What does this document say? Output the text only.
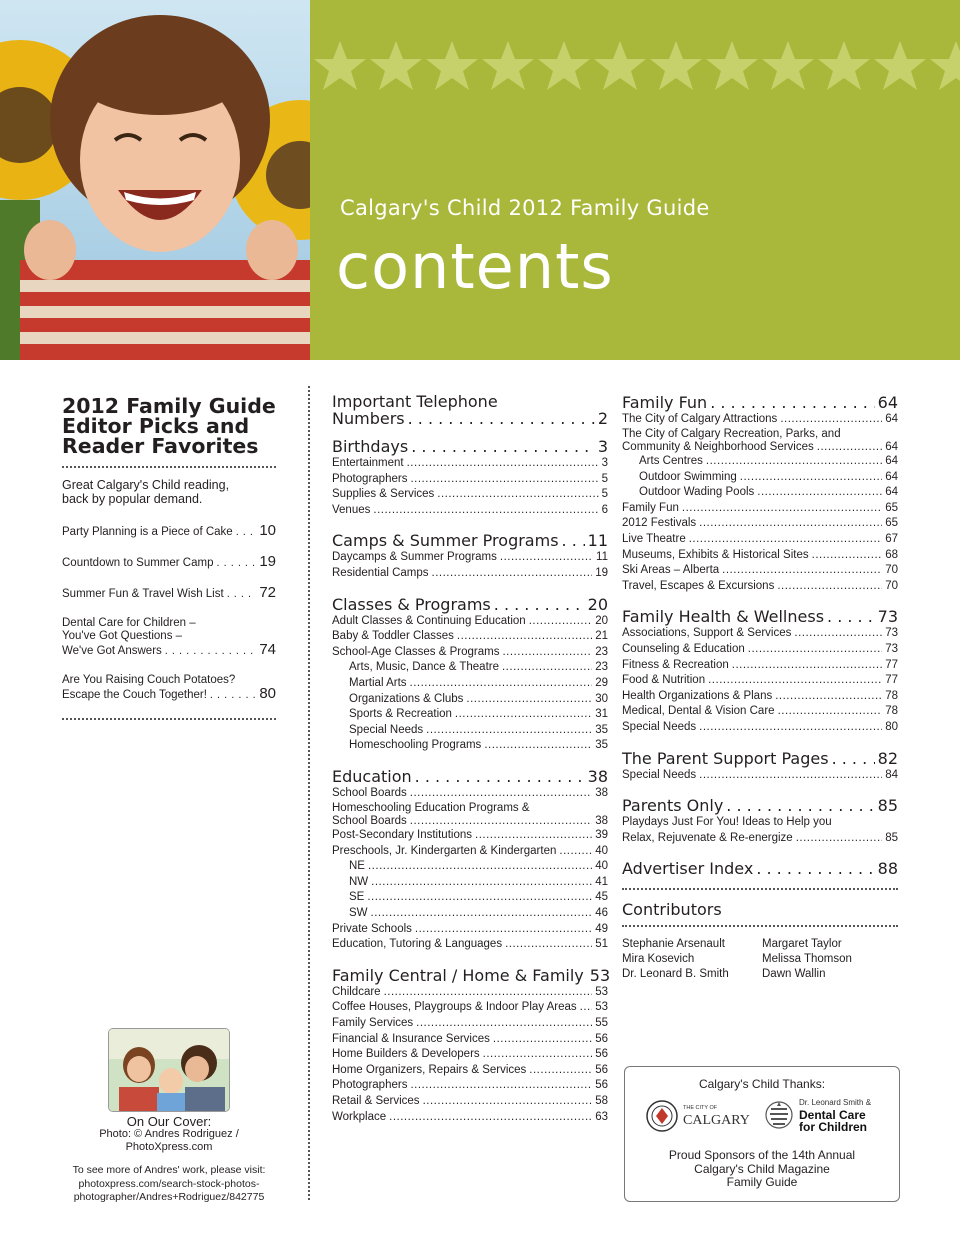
Calgary's Child 2012 Family Guide
contents
2012 Family Guide
Editor Picks and
Reader Favorites
Great Calgary's Child reading,
back by popular demand.
Party Planning is a Piece of Cake . . . 10
Countdown to Summer Camp . . .	19
Summer Fun & Travel Wish List . . . 72
Dental Care for Children –
You've Got Questions –
We've Got Answers . . .	74
Are You Raising Couch Potatoes?
Escape the Couch Together! . . .	80
On Our Cover:
Photo: © Andres Rodriguez /
PhotoXpress.com
To see more of Andres' work, please visit:
photoxpress.com/search-stock-photos-
photographer/Andres+Rodriguez/842775
Important Telephone
Numbers . . .	2
Birthdays . . .	3
Entertainment .....	3
Photographers .....	5
Supplies & Services .....	5
Venues .....	6
Camps & Summer Programs . . . 11
Daycamps & Summer Programs .....	11
Residential Camps .....	19
Classes & Programs . . .	20
Adult Classes & Continuing Education .....	20
Baby & Toddler Classes .....	21
School-Age Classes & Programs .....	23
Arts, Music, Dance & Theatre .....	23
Martial Arts .....	29
Organizations & Clubs .....	30
Sports & Recreation .....	31
Special Needs .....	35
Homeschooling Programs .....	35
Education . . .	38
School Boards .....	38
Homeschooling Education Programs &
School Boards .....	38
Post-Secondary Institutions .....	39
Preschools, Jr. Kindergarten & Kindergarten .....	40
NE .....	40
NW .....	41
SE .....	45
SW .....	46
Private Schools .....	49
Education, Tutoring & Languages .....	51
Family Central / Home & Family 53
Childcare .....	53
Coffee Houses, Playgroups & Indoor Play Areas ..... 53
Family Services .....	55
Financial & Insurance Services .....	56
Home Builders & Developers .....	56
Home Organizers, Repairs & Services .....	56
Photographers .....	56
Retail & Services .....	58
Workplace .....	63
Family Fun . . .	64
The City of Calgary Attractions .....	64
The City of Calgary Recreation, Parks, and
Community & Neighborhood Services .....	64
Arts Centres .....	64
Outdoor Swimming .....	64
Outdoor Wading Pools .....	64
Family Fun .....	65
2012 Festivals .....	65
Live Theatre .....	67
Museums, Exhibits & Historical Sites .....	68
Ski Areas – Alberta .....	70
Travel, Escapes & Excursions .....	70
Family Health & Wellness . . .	73
Associations, Support & Services .....	73
Counseling & Education .....	73
Fitness & Recreation .....	77
Food & Nutrition .....	77
Health Organizations & Plans .....	78
Medical, Dental & Vision Care .....	78
Special Needs .....	80
The Parent Support Pages . . .	82
Special Needs .....	84
Parents Only . . .	85
Playdays Just For You! Ideas to Help you
Relax, Rejuvenate & Re-energize .....	85
Advertiser Index . . .	88
Contributors
Stephanie Arsenault	Margaret Taylor
Mira Kosevich	Melissa Thomson
Dr. Leonard B. Smith	Dawn Wallin
Calgary's Child Thanks:
THE CITY OF
CALGARY
Dr. Leonard Smith &
Dental Care
for Children
Proud Sponsors of the 14th Annual
Calgary's Child Magazine
Family Guide
